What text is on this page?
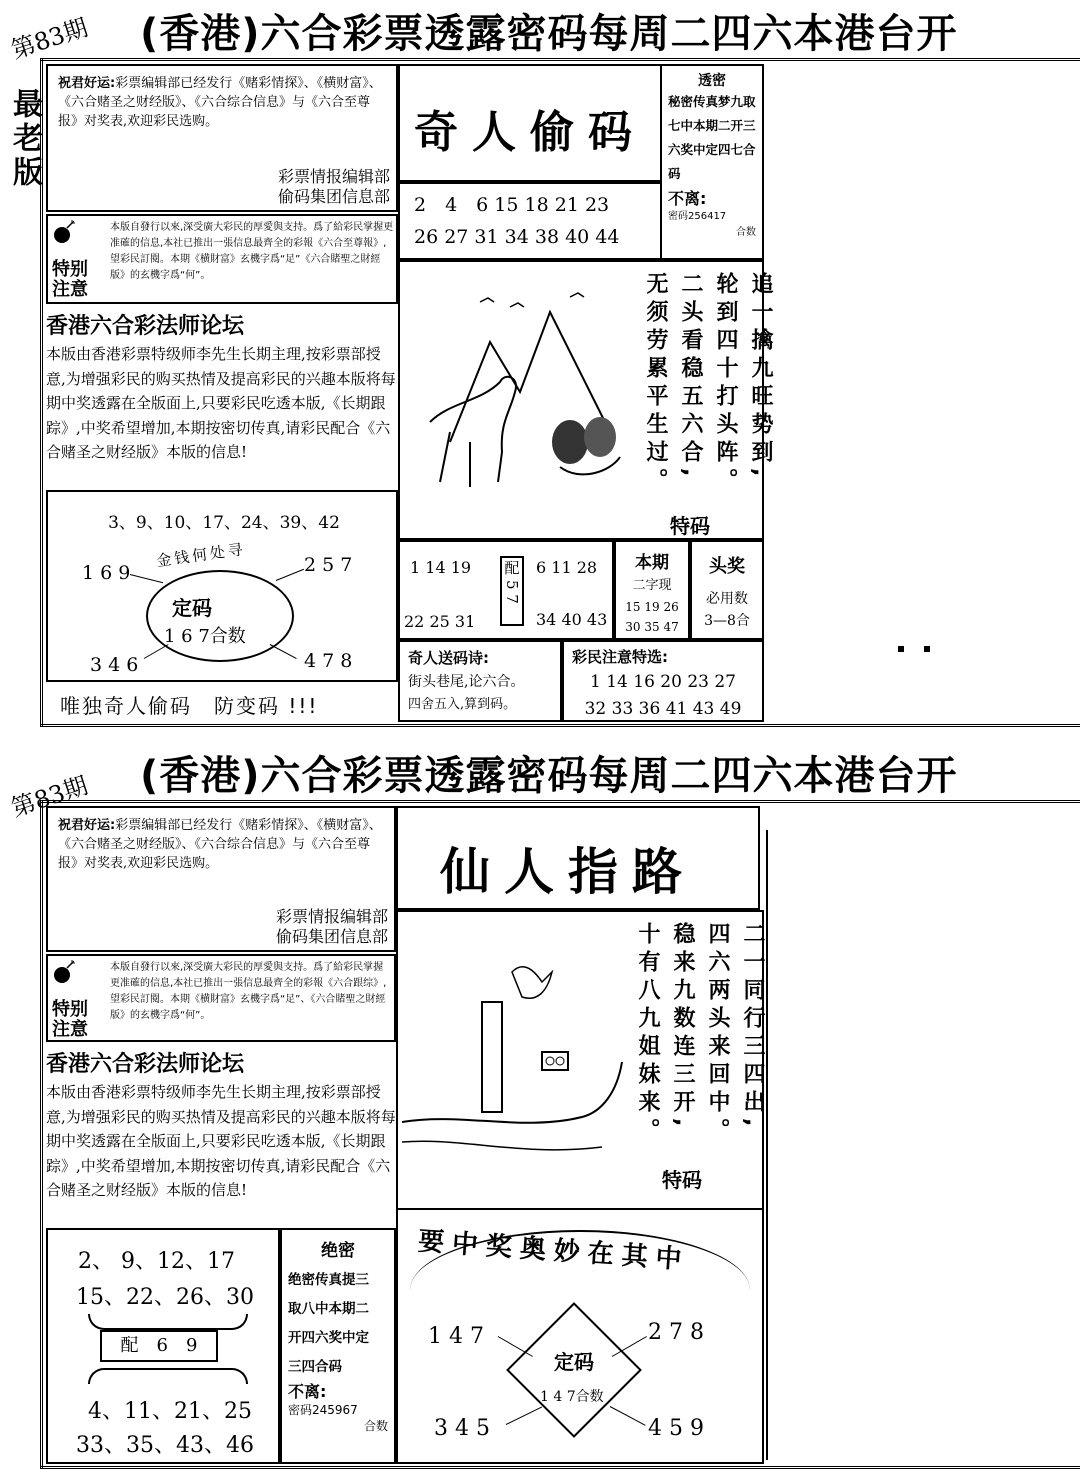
第83期 (香港)六合彩票透露密码每周二四六本港台开
最老版
祝君好运:彩票编辑部已经发行《赌彩情探》、《横财富》、《六合赌圣之财经版》、《六合综合信息》与《六合至尊报》对奖表,欢迎彩民选购。
彩票情报编辑部
偷码集团信息部
特别注意
本版自發行以來,深受廣大彩民的厚愛與支持。爲了給彩民掌握更准確的信息,本社已推出一張信息最齊全的彩報《六合至尊報》,望彩民訂閱。本期《横財富》玄機字爲“足”《六合賭聖之財經版》的玄機字爲“何”。
香港六合彩法师论坛
本版由香港彩票特级师李先生长期主理,按彩票部授意,为增强彩民的购买热情及提高彩民的兴趣本版将每期中奖透露在全版面上,只要彩民吃透本版,《长期跟踪》,中奖希望增加,本期按密切传真,请彩民配合《六合赌圣之财经版》本版的信息!
3、9、10、17、24、39、42
金钱何处寻
1 6 9	2 5 7
3 4 6	4 7 8
定码
1 6 7合数
唯独奇人偷码　防变码 !!!
奇人偷码
2　4　6 15 18 21 23
26 27 31 34 38 40 44
透密
秘密传真梦九取七中本期二开三六奖中定四七合码
不离:
密码256417
合数
追一擒九旺势到,
轮到四十打头阵。
二头看稳五六合,
无须劳累平生过。
特码
1 14 19
22 25 31
配
5 7
6 11 28
34 40 43
本期
二字现
15 19 26
30 35 47
头奖
必用数
3—8合
奇人送码诗:
街头巷尾,论六合。
四舍五入,算到码。
彩民注意特选:
1 14 16 20 23 27
32 33 36 41 43 49
第83期 (香港)六合彩票透露密码每周二四六本港台开
祝君好运:彩票编辑部已经发行《赌彩情探》、《横财富》、《六合赌圣之财经版》、《六合综合信息》与《六合至尊报》对奖表,欢迎彩民选购。
彩票情报编辑部
偷码集团信息部
特别注意
本版自發行以來,深受廣大彩民的厚愛與支持。爲了給彩民掌握更准確的信息,本社已推出一張信息最齊全的彩報《六合跟综》,望彩民訂閱。本期《横財富》玄機字爲“足”、《六合賭聖之財經版》的玄機字爲“何”。
香港六合彩法师论坛
本版由香港彩票特级师李先生长期主理,按彩票部授意,为增强彩民的购买热情及提高彩民的兴趣本版将每期中奖透露在全版面上,只要彩民吃透本版,《长期跟踪》,中奖希望增加,本期按密切传真,请彩民配合《六合赌圣之财经版》本版的信息!
2、 9、12、17
15、22、26、30
配　6　9
4、11、21、25
33、35、43、46
绝密
绝密传真提三
取八中本期二
开四六奖中定
三四合码
不离:
密码245967
合数
仙人指路
二一同行三四出,
四六两头来回中。
稳来九数连三开,
十有八九姐妹来。
特码
要中奖奥妙在其中
1 4 7	2 7 8
3 4 5	4 5 9
定码
1 4 7合数
